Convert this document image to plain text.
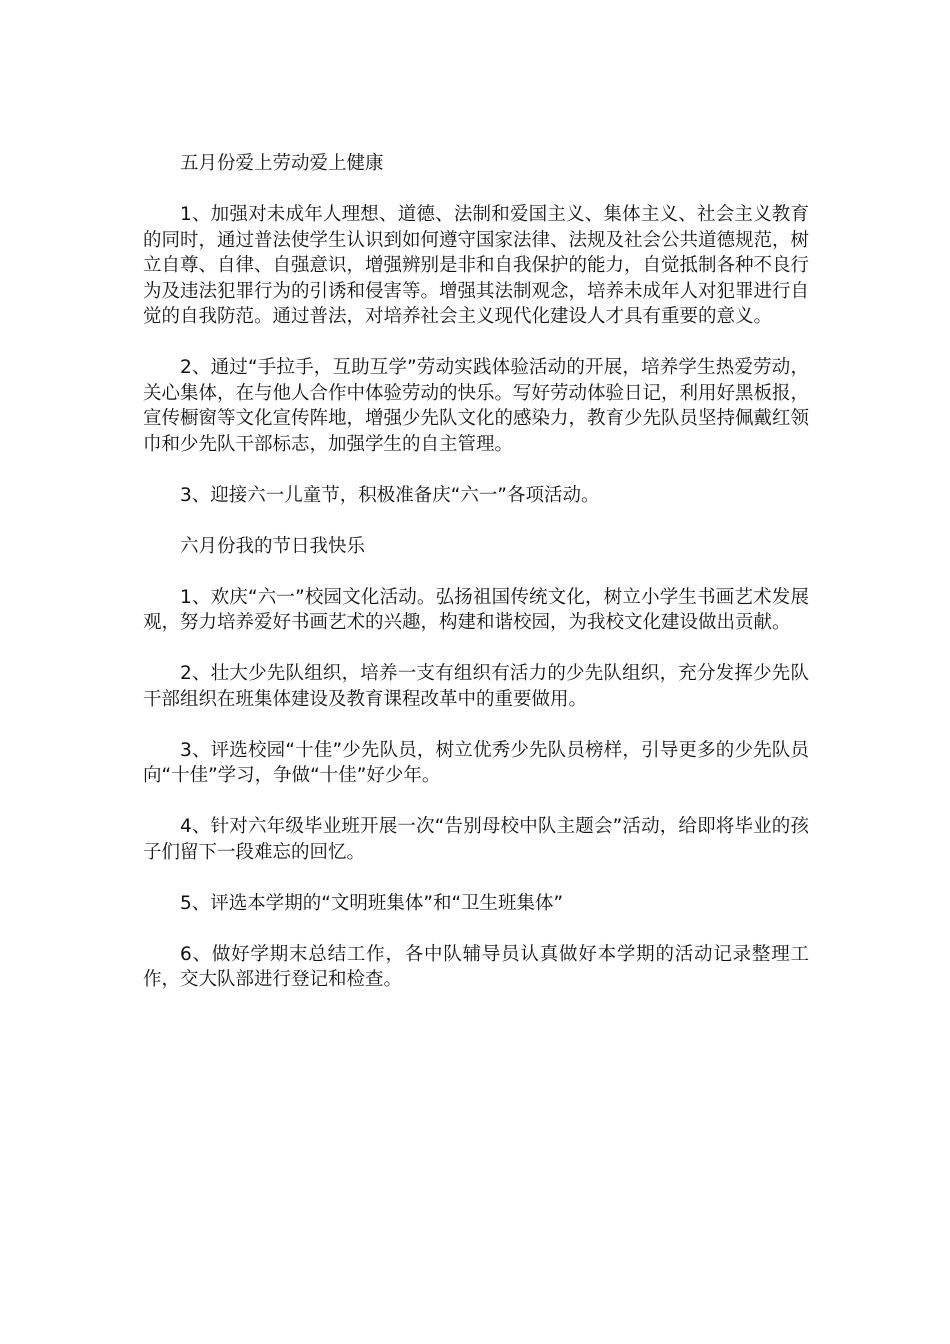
五月份爱上劳动爱上健康

1、加强对未成年人理想、道德、法制和爱国主义、集体主义、社会主义教育的同时，通过普法使学生认识到如何遵守国家法律、法规及社会公共道德规范，树立自尊、自律、自强意识，增强辨别是非和自我保护的能力，自觉抵制各种不良行为及违法犯罪行为的引诱和侵害等。增强其法制观念，培养未成年人对犯罪进行自觉的自我防范。通过普法，对培养社会主义现代化建设人才具有重要的意义。

2、通过“手拉手，互助互学”劳动实践体验活动的开展，培养学生热爱劳动，关心集体，在与他人合作中体验劳动的快乐。写好劳动体验日记，利用好黑板报，宣传橱窗等文化宣传阵地，增强少先队文化的感染力，教育少先队员坚持佩戴红领巾和少先队干部标志，加强学生的自主管理。

3、迎接六一儿童节，积极准备庆“六一”各项活动。

六月份我的节日我快乐

1、欢庆“六一”校园文化活动。弘扬祖国传统文化，树立小学生书画艺术发展观，努力培养爱好书画艺术的兴趣，构建和谐校园，为我校文化建设做出贡献。

2、壮大少先队组织，培养一支有组织有活力的少先队组织，充分发挥少先队干部组织在班集体建设及教育课程改革中的重要做用。

3、评选校园“十佳”少先队员，树立优秀少先队员榜样，引导更多的少先队员向“十佳”学习，争做“十佳”好少年。

4、针对六年级毕业班开展一次“告别母校中队主题会”活动，给即将毕业的孩子们留下一段难忘的回忆。

5、评选本学期的“文明班集体”和“卫生班集体”

6、做好学期末总结工作，各中队辅导员认真做好本学期的活动记录整理工作，交大队部进行登记和检查。
